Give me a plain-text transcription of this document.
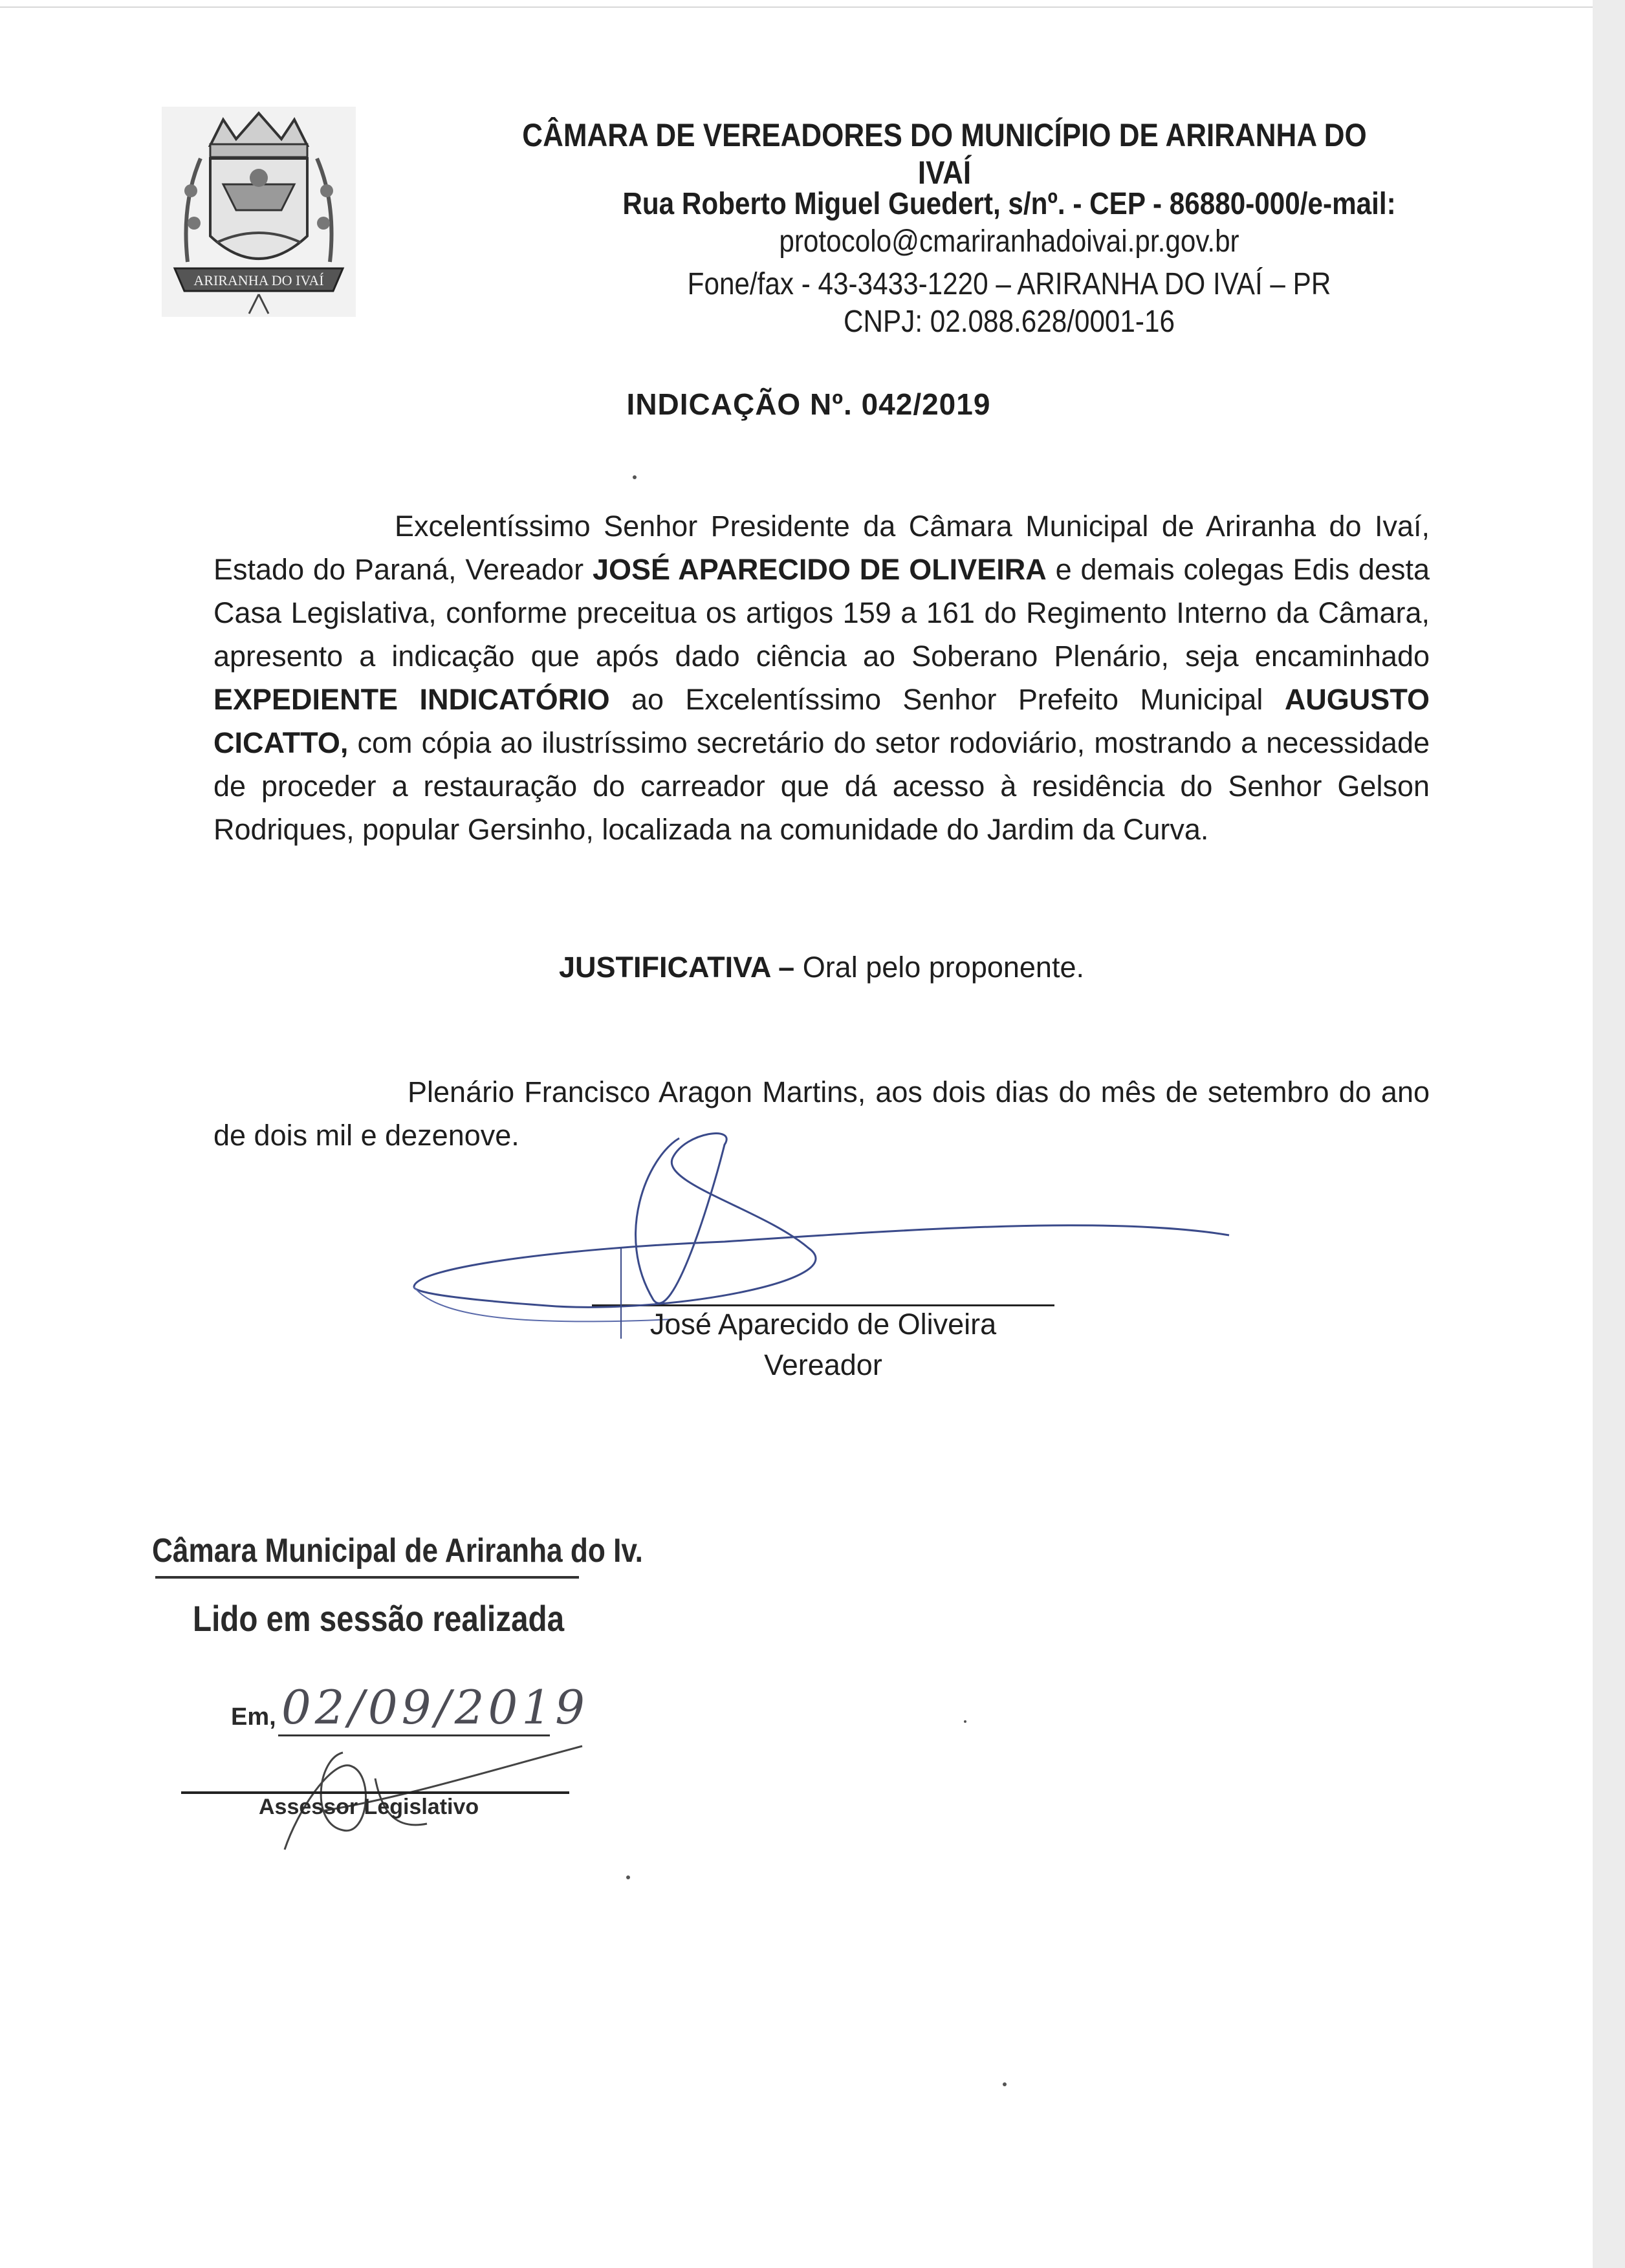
ARIRANHA DO IVAÍ
CÂMARA DE VEREADORES DO MUNICÍPIO DE ARIRANHA DO IVAÍ
Rua Roberto Miguel Guedert, s/nº. - CEP - 86880-000/e-mail:
protocolo@cmariranhadoivai.pr.gov.br
Fone/fax - 43-3433-1220 – ARIRANHA DO IVAÍ – PR
CNPJ: 02.088.628/0001-16
INDICAÇÃO Nº. 042/2019
Excelentíssimo Senhor Presidente da Câmara Municipal de Ariranha do Ivaí, Estado do Paraná, Vereador JOSÉ APARECIDO DE OLIVEIRA e demais colegas Edis desta Casa Legislativa, conforme preceitua os artigos 159 a 161 do Regimento Interno da Câmara, apresento a indicação que após dado ciência ao Soberano Plenário, seja encaminhado EXPEDIENTE INDICATÓRIO ao Excelentíssimo Senhor Prefeito Municipal AUGUSTO CICATTO, com cópia ao ilustríssimo secretário do setor rodoviário, mostrando a necessidade de proceder a restauração do carreador que dá acesso à residência do Senhor Gelson Rodriques, popular Gersinho, localizada na comunidade do Jardim da Curva.
JUSTIFICATIVA – Oral pelo proponente.
Plenário Francisco Aragon Martins, aos dois dias do mês de setembro do ano de dois mil e dezenove.
José Aparecido de Oliveira
Vereador
Câmara Municipal de Ariranha do Iv.
Lido em sessão realizada
Em, 02/09/2019
Assessor Legislativo
